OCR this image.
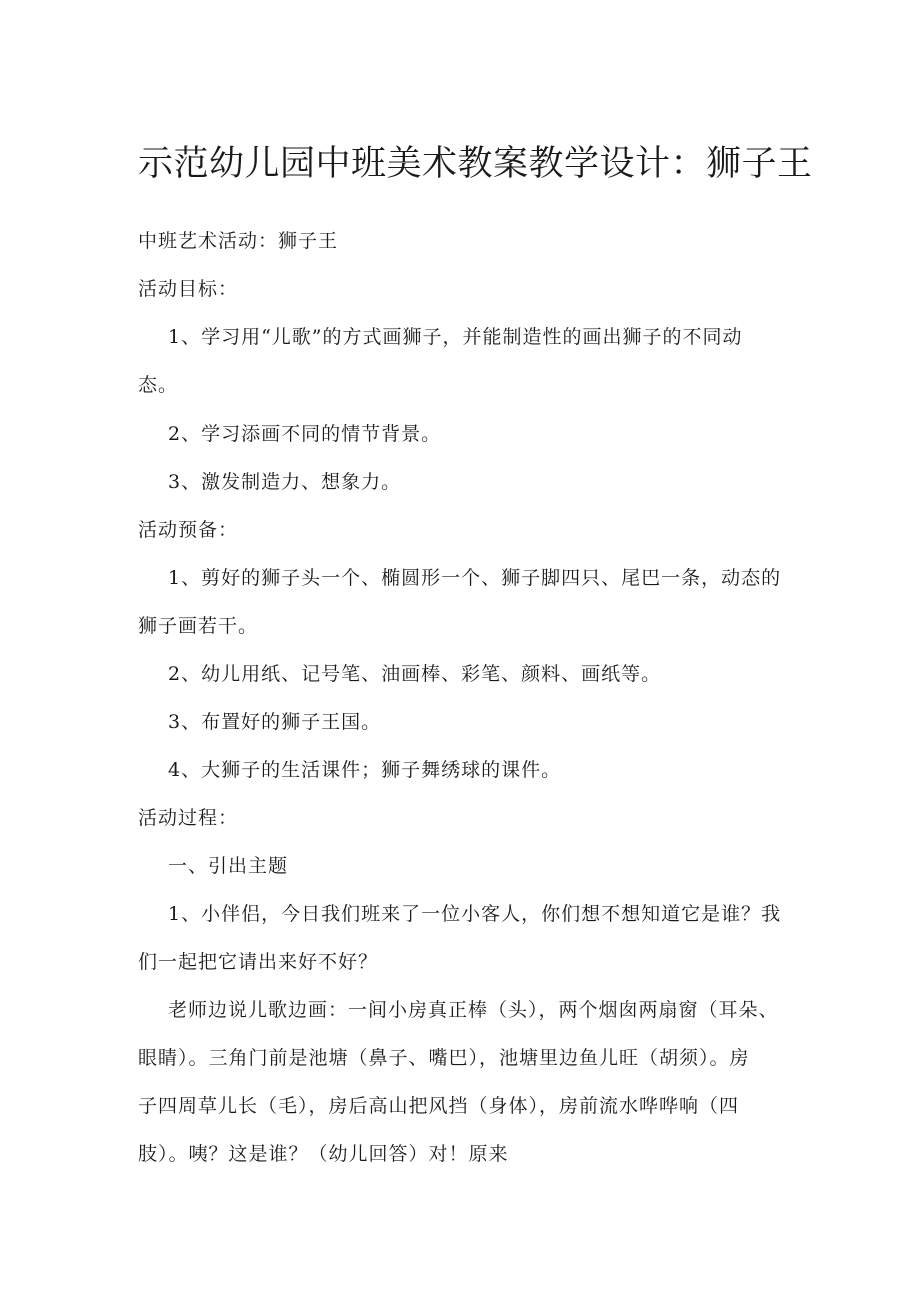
示范幼儿园中班美术教案教学设计：狮子王

中班艺术活动：狮子王

活动目标：

1、学习用“儿歌”的方式画狮子，并能制造性的画出狮子的不同动

态。

2、学习添画不同的情节背景。

3、激发制造力、想象力。

活动预备：

1、剪好的狮子头一个、椭圆形一个、狮子脚四只、尾巴一条，动态的

狮子画若干。

2、幼儿用纸、记号笔、油画棒、彩笔、颜料、画纸等。

3、布置好的狮子王国。

4、大狮子的生活课件；狮子舞绣球的课件。

活动过程：

一、引出主题

1、小伴侣，今日我们班来了一位小客人，你们想不想知道它是谁？我

们一起把它请出来好不好？

老师边说儿歌边画：一间小房真正棒（头），两个烟囱两扇窗（耳朵、

眼睛）。三角门前是池塘（鼻子、嘴巴），池塘里边鱼儿旺（胡须）。房

子四周草儿长（毛），房后高山把风挡（身体），房前流水哗哗响（四

肢）。咦？这是谁？（幼儿回答）对！原来
